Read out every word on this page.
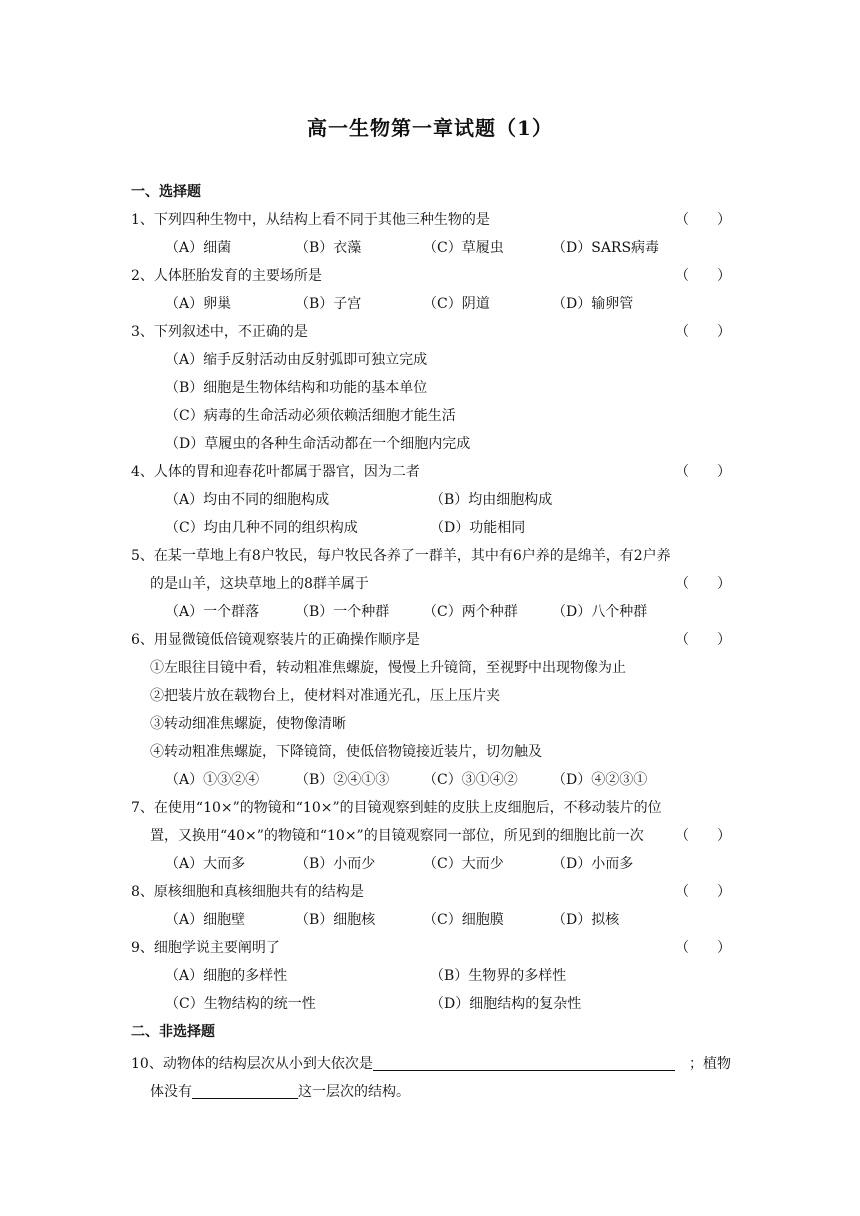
高一生物第一章试题（1）
一、选择题
1、下列四种生物中，从结构上看不同于其他三种生物的是	（　　）
（A）细菌	（B）衣藻	（C）草履虫	（D）SARS病毒
2、人体胚胎发育的主要场所是	（　　）
（A）卵巢	（B）子宫	（C）阴道	（D）输卵管
3、下列叙述中，不正确的是	（　　）
（A）缩手反射活动由反射弧即可独立完成
（B）细胞是生物体结构和功能的基本单位
（C）病毒的生命活动必须依赖活细胞才能生活
（D）草履虫的各种生命活动都在一个细胞内完成
4、人体的胃和迎春花叶都属于器官，因为二者	（　　）
（A）均由不同的细胞构成	（B）均由细胞构成
（C）均由几种不同的组织构成	（D）功能相同
5、在某一草地上有8户牧民，每户牧民各养了一群羊，其中有6户养的是绵羊，有2户养
的是山羊，这块草地上的8群羊属于	（　　）
（A）一个群落	（B）一个种群 （C）两个种群 （D）八个种群
6、用显微镜低倍镜观察装片的正确操作顺序是	（　　）
①左眼往目镜中看，转动粗准焦螺旋，慢慢上升镜筒，至视野中出现物像为止
②把装片放在载物台上，使材料对准通光孔，压上压片夹
③转动细准焦螺旋，使物像清晰
④转动粗准焦螺旋，下降镜筒，使低倍物镜接近装片，切勿触及
（A）①③②④	（B）②④①③ （C）③①④② （D）④②③①
7、在使用“10×”的物镜和“10×”的目镜观察到蛙的皮肤上皮细胞后，不移动装片的位
置，又换用“40×”的物镜和“10×”的目镜观察同一部位，所见到的细胞比前一次 （　　）
（A）大而多	（B）小而少	（C）大而少	（D）小而多
8、原核细胞和真核细胞共有的结构是	（　　）
（A）细胞壁	（B）细胞核	（C）细胞膜	（D）拟核
9、细胞学说主要阐明了	（　　）
（A）细胞的多样性	（B）生物界的多样性
（C）生物结构的统一性	（D）细胞结构的复杂性
二、非选择题
10、动物体的结构层次从小到大依次是	；植物
体没有	这一层次的结构。
